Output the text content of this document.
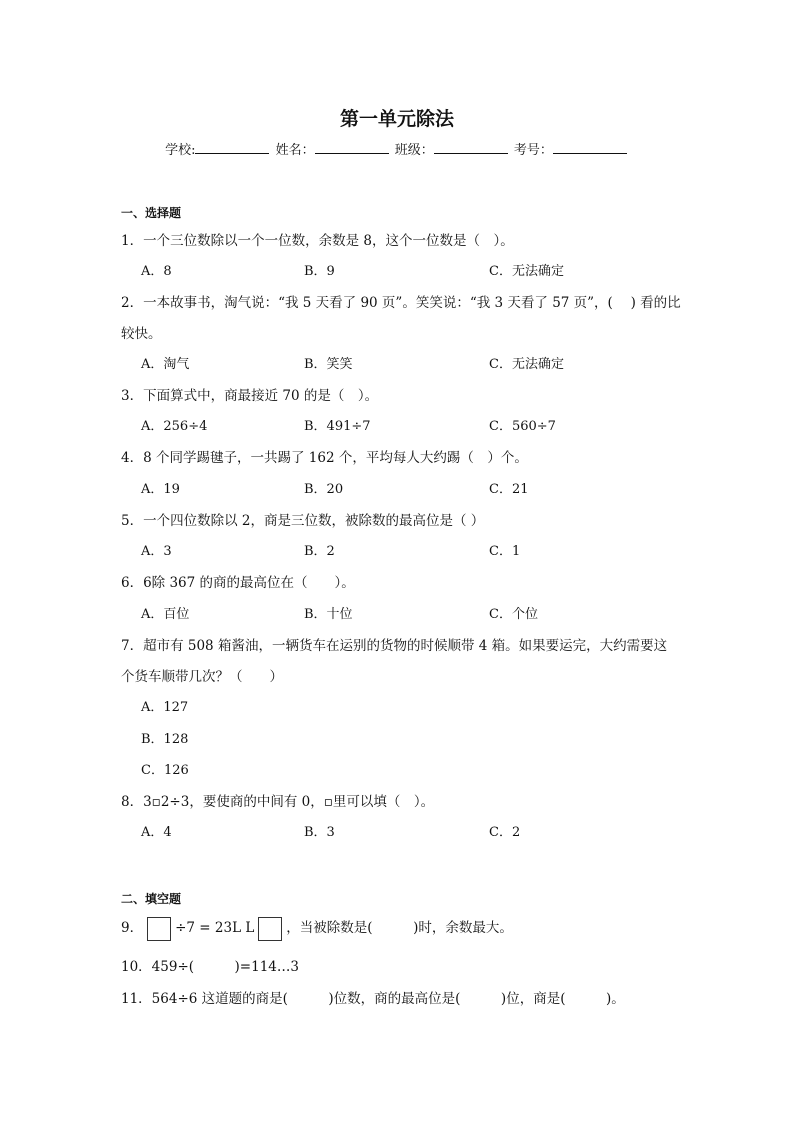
第一单元除法
学校:	姓名：	班级：	考号：
一、选择题
1．一个三位数除以一个一位数，余数是 8，这个一位数是（　）。
A．8	B．9	C．无法确定
2．一本故事书，淘气说：“我 5 天看了 90 页”。笑笑说：“我 3 天看了 57 页”，(　 ) 看的比
较快。
A．淘气	B．笑笑	C．无法确定
3．下面算式中，商最接近 70 的是（　）。
A．256÷4	B．491÷7	C．560÷7
4．8 个同学踢毽子，一共踢了 162 个，平均每人大约踢（　）个。
A．19	B．20	C．21
5．一个四位数除以 2，商是三位数，被除数的最高位是（ ）
A．3	B．2	C．1
6．6除 367 的商的最高位在（　　）。
A．百位	B．十位	C．个位
7．超市有 508 箱酱油，一辆货车在运别的货物的时候顺带 4 箱。如果要运完，大约需要这
个货车顺带几次？（　　）
A．127
B．128
C．126
8．3▫2÷3，要使商的中间有 0，▫里可以填（　）。
A．4	B．3	C．2
二、填空题
9． ÷7 = 23L L ，当被除数是(　　　)时，余数最大。
10．459÷(　　　)=114…3
11．564÷6 这道题的商是(　　　)位数，商的最高位是(　　　)位，商是(　　　)。
